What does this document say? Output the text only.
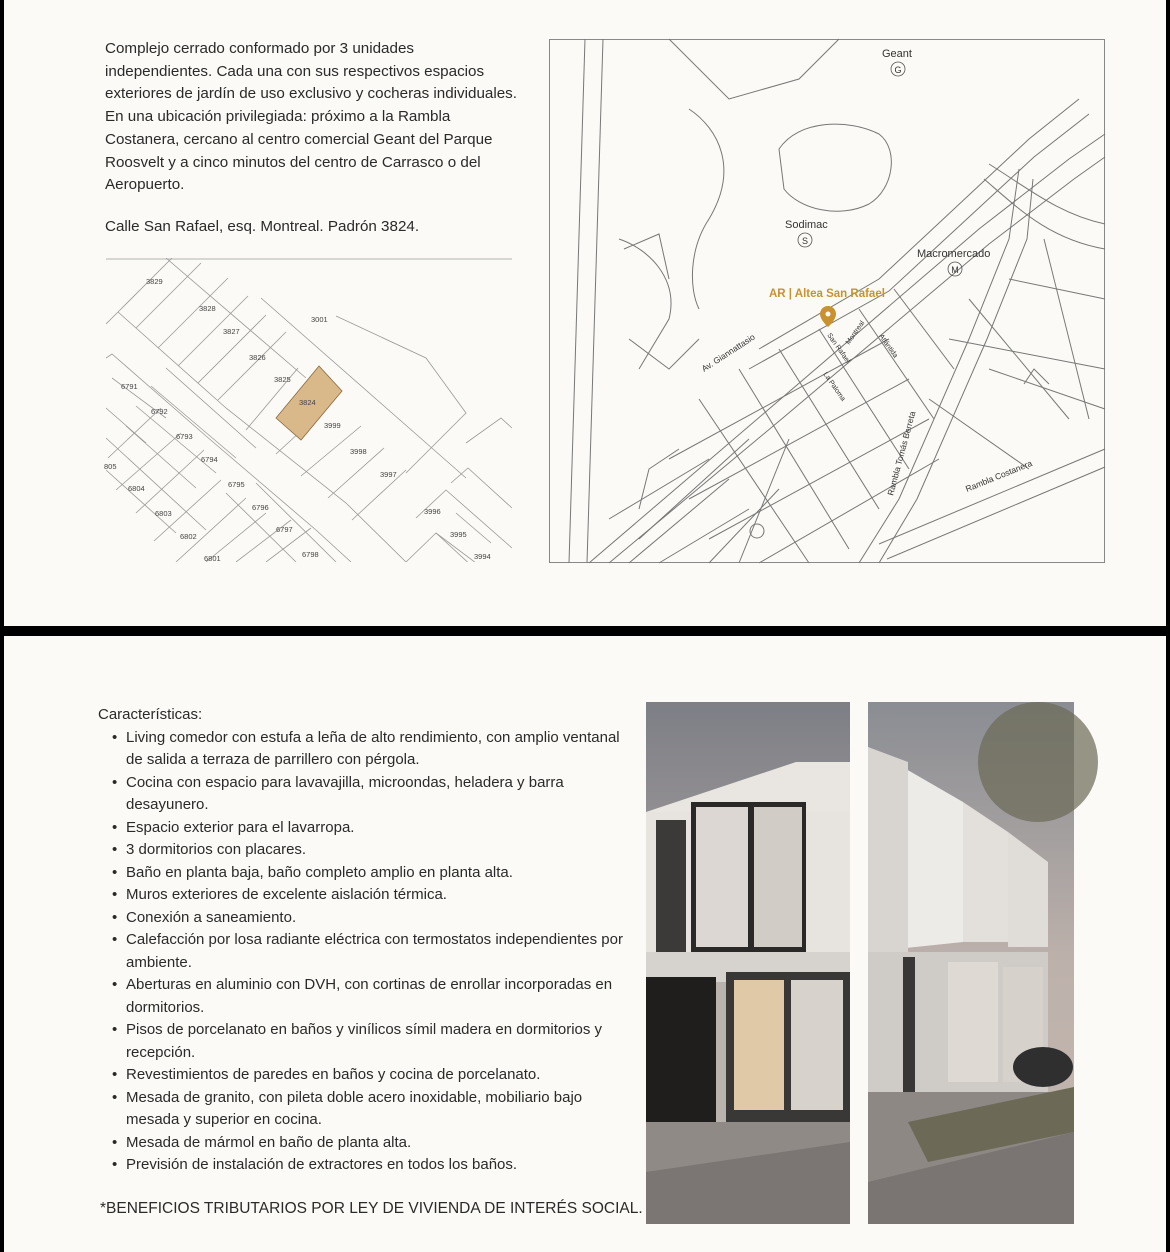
Complejo cerrado conformado por 3 unidades independientes. Cada una con sus respectivos espacios exteriores de jardín de uso exclusivo y cocheras individuales. En una ubicación privilegiada: próximo a la Rambla Costanera, cercano al centro comercial Geant del Parque Roosvelt y a cinco minutos del centro de Carrasco o del Aeropuerto.

Calle San Rafael, esq. Montreal. Padrón 3824.
3829
3828
3827
3826
3825
3824
3001
3999
3998
3997
3996
3995
3994
6791
6792
6793
6794
805
6804	6795
6803
6796
6802
6797
6801	6798
Geant
G
Sodimac
S
Macromercado
M
AR | Altea San Rafael
Av. Giannattasio	San Rafael
Montreal
Atlántida
La Paloma
Rambla Tomás Berreta	Rambla Costanera
Características:
• Living comedor con estufa a leña de alto rendimiento, con amplio ventanal de salida a terraza de parrillero con pérgola.
• Cocina con espacio para lavavajilla, microondas, heladera y barra desayunero.
• Espacio exterior para el lavarropa.
• 3 dormitorios con placares.
• Baño en planta baja, baño completo amplio en planta alta.
• Muros exteriores de excelente aislación térmica.
• Conexión a saneamiento.
• Calefacción por losa radiante eléctrica con termostatos independientes por ambiente.
• Aberturas en aluminio con DVH, con cortinas de enrollar incorporadas en dormitorios.
• Pisos de porcelanato en baños y vinílicos símil madera en dormitorios y recepción.
• Revestimientos de paredes en baños y cocina de porcelanato.
• Mesada de granito, con pileta doble acero inoxidable, mobiliario bajo mesada y superior en cocina.
• Mesada de mármol en baño de planta alta.
• Previsión de instalación de extractores en todos los baños.
*BENEFICIOS TRIBUTARIOS POR LEY DE VIVIENDA DE INTERÉS SOCIAL.
